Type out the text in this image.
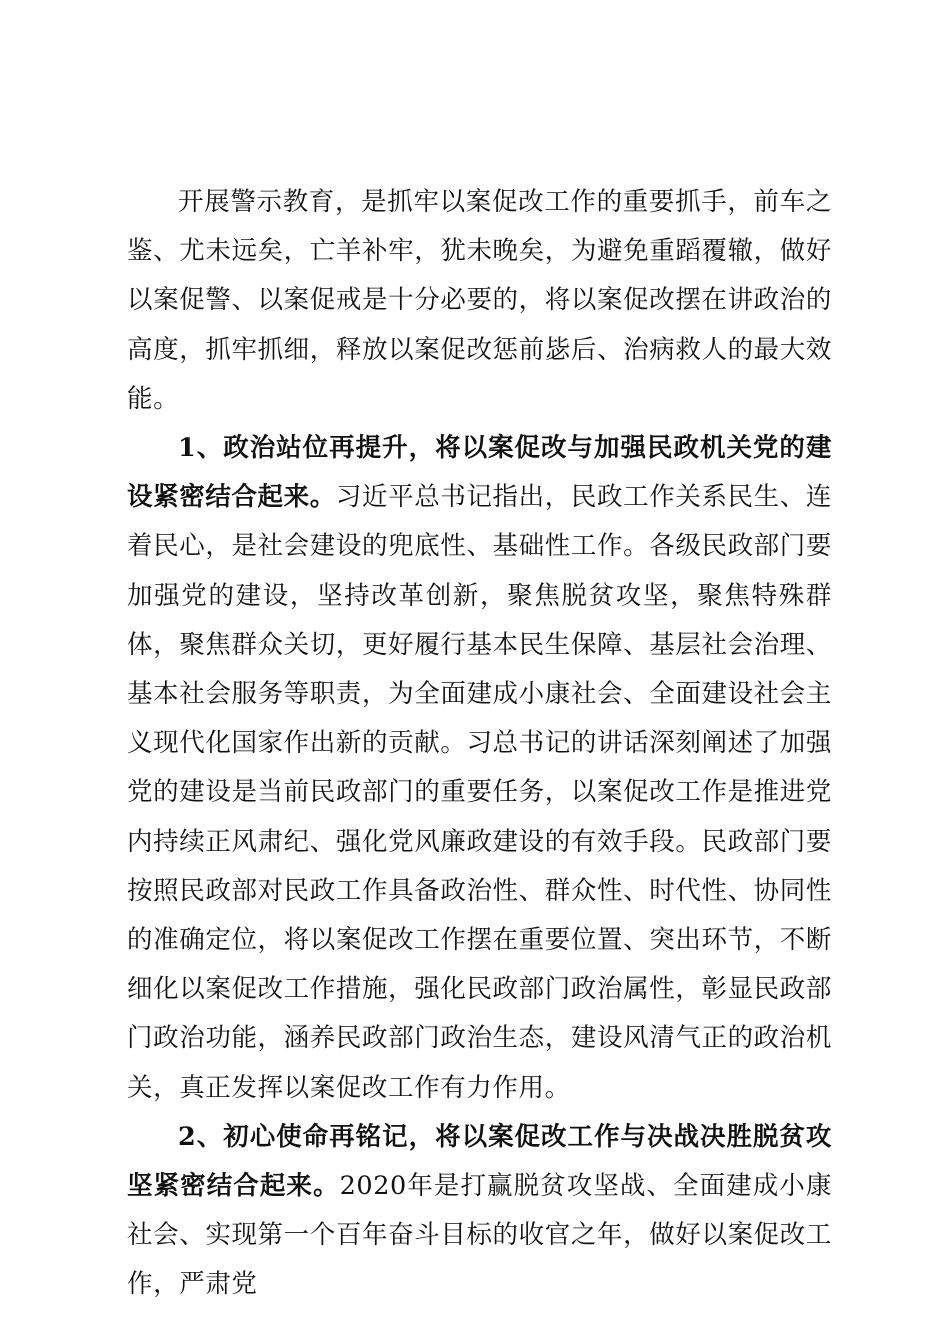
开展警示教育，是抓牢以案促改工作的重要抓手，前车之鉴、尤未远矣，亡羊补牢，犹未晚矣，为避免重蹈覆辙，做好以案促警、以案促戒是十分必要的，将以案促改摆在讲政治的高度，抓牢抓细，释放以案促改惩前毖后、治病救人的最大效能。

1、政治站位再提升，将以案促改与加强民政机关党的建设紧密结合起来。习近平总书记指出，民政工作关系民生、连着民心，是社会建设的兜底性、基础性工作。各级民政部门要加强党的建设，坚持改革创新，聚焦脱贫攻坚，聚焦特殊群体，聚焦群众关切，更好履行基本民生保障、基层社会治理、基本社会服务等职责，为全面建成小康社会、全面建设社会主义现代化国家作出新的贡献。习总书记的讲话深刻阐述了加强党的建设是当前民政部门的重要任务，以案促改工作是推进党内持续正风肃纪、强化党风廉政建设的有效手段。民政部门要按照民政部对民政工作具备政治性、群众性、时代性、协同性的准确定位，将以案促改工作摆在重要位置、突出环节，不断细化以案促改工作措施，强化民政部门政治属性，彰显民政部门政治功能，涵养民政部门政治生态，建设风清气正的政治机关，真正发挥以案促改工作有力作用。

2、初心使命再铭记，将以案促改工作与决战决胜脱贫攻坚紧密结合起来。2020年是打赢脱贫攻坚战、全面建成小康社会、实现第一个百年奋斗目标的收官之年，做好以案促改工作，严肃党
